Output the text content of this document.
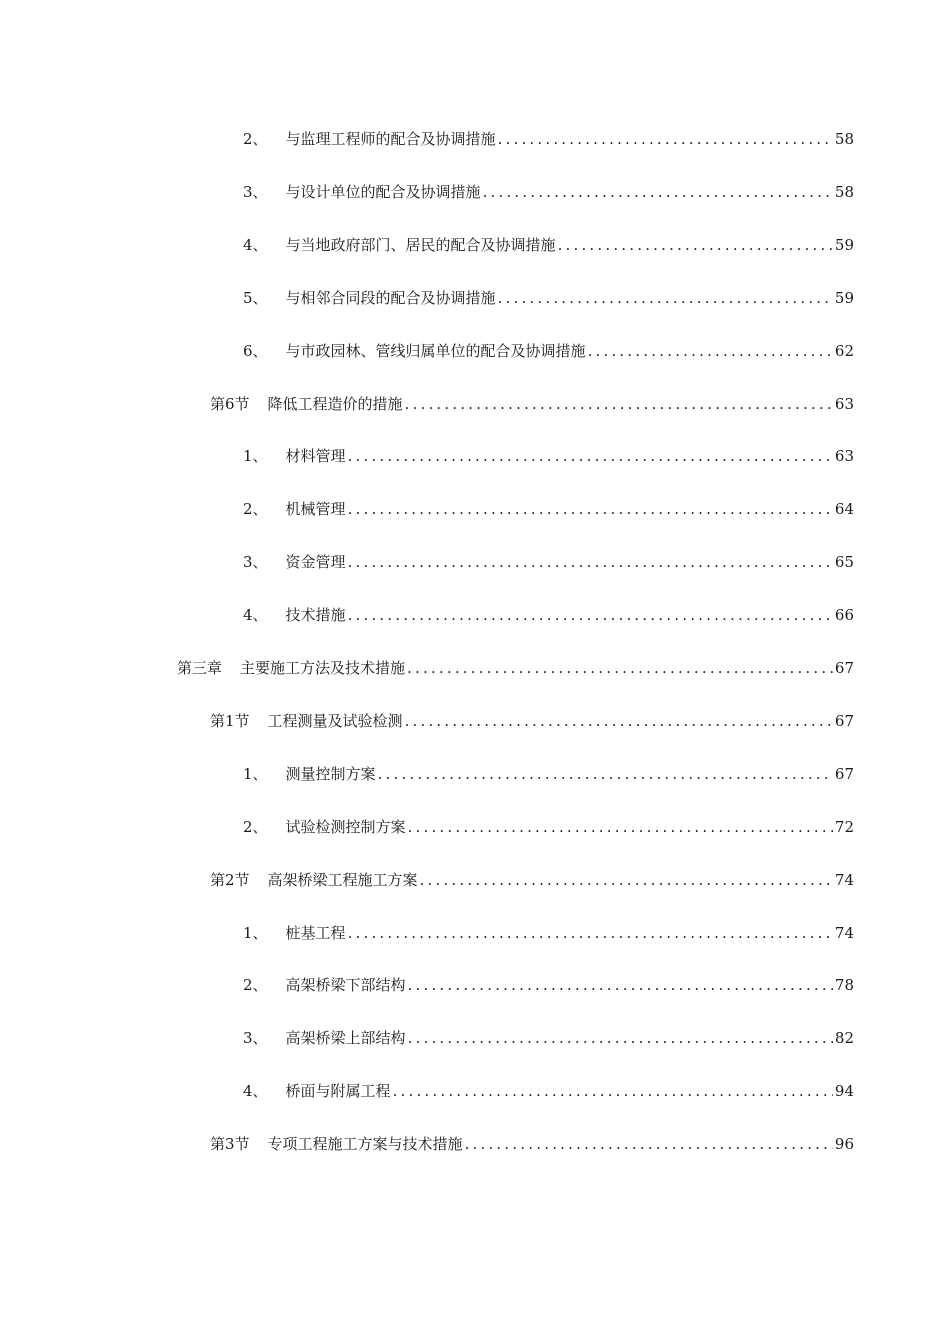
2、 与监理工程师的配合及协调措施 .....	58
3、 与设计单位的配合及协调措施 .....	58
4、 与当地政府部门、居民的配合及协调措施 .....	59
5、 与相邻合同段的配合及协调措施 .....	59
6、 与市政园林、管线归属单位的配合及协调措施 .....	62
第6节 降低工程造价的措施 .....	63
1、 材料管理 .....	63
2、 机械管理 .....	64
3、 资金管理 .....	65
4、 技术措施 .....	66
第三章 主要施工方法及技术措施 .....	67
第1节 工程测量及试验检测 .....	67
1、 测量控制方案 .....	67
2、 试验检测控制方案 .....	72
第2节 高架桥梁工程施工方案 .....	74
1、 桩基工程 .....	74
2、 高架桥梁下部结构 .....	78
3、 高架桥梁上部结构 .....	82
4、 桥面与附属工程 .....	94
第3节 专项工程施工方案与技术措施 .....	96
